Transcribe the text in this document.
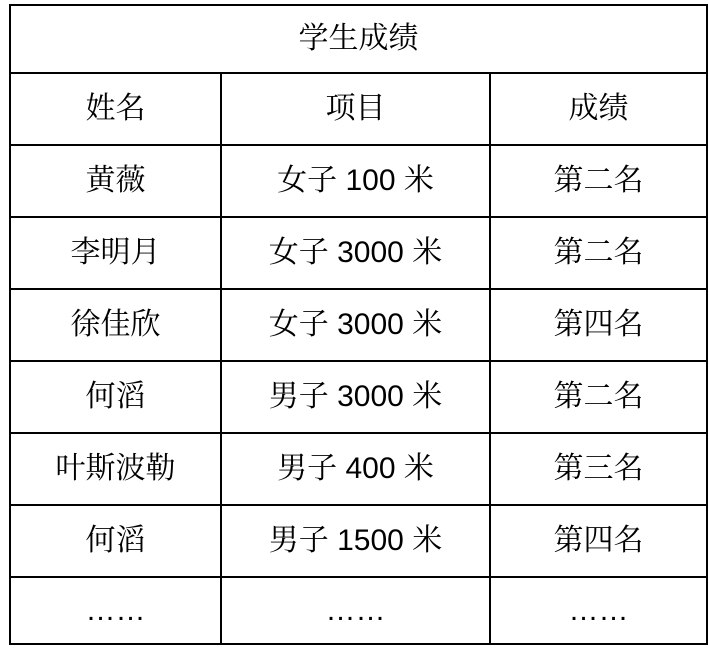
学生成绩		
姓名	项目	成绩
黄薇	女子 100 米	第二名
李明月	女子 3000 米	第二名
徐佳欣	女子 3000 米	第四名
何滔	男子 3000 米	第二名
叶斯波勒	男子 400 米	第三名
何滔	男子 1500 米	第四名
……	……	……
